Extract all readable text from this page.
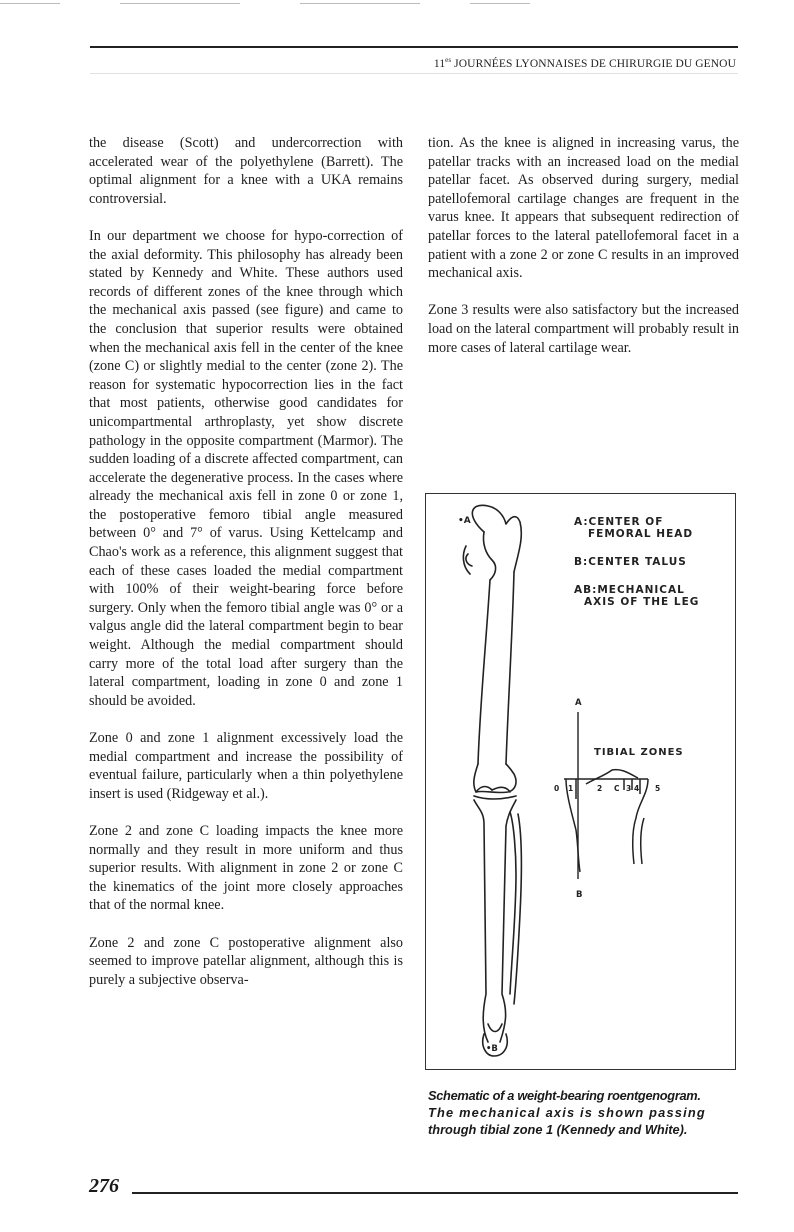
$11^{es}$ JOURNÉES LYONNAISES DE CHIRURGIE DU GENOU

the disease (Scott) and undercorrection with accelerated wear of the polyethylene (Barrett). The optimal alignment for a knee with a UKA remains controversial.

In our department we choose for hypo-correction of the axial deformity. This philosophy has already been stated by Kennedy and White. These authors used records of different zones of the knee through which the mechanical axis passed (see figure) and came to the conclusion that superior results were obtained when the mechanical axis fell in the center of the knee (zone C) or slightly medial to the center (zone 2). The reason for systematic hypocorrection lies in the fact that most patients, otherwise good candidates for unicompartmental arthroplasty, yet show discrete pathology in the opposite compartment (Marmor). The sudden loading of a discrete affected compartment, can accelerate the degenerative process. In the cases where already the mechanical axis fell in zone 0 or zone 1, the postoperative femoro tibial angle measured between 0° and 7° of varus. Using Kettelcamp and Chao's work as a reference, this alignment suggest that each of these cases loaded the medial compartment with 100% of their weight-bearing force before surgery. Only when the femoro tibial angle was 0° or a valgus angle did the lateral compartment begin to bear weight. Although the medial compartment should carry more of the total load after surgery than the lateral compartment, loading in zone 0 and zone 1 should be avoided.

Zone 0 and zone 1 alignment excessively load the medial compartment and increase the possibility of eventual failure, particularly when a thin polyethylene insert is used (Ridgeway et al.).

Zone 2 and zone C loading impacts the knee more normally and they result in more uniform and thus superior results. With alignment in zone 2 or zone C the kinematics of the joint more closely approaches that of the normal knee.

Zone 2 and zone C postoperative alignment also seemed to improve patellar alignment, although this is purely a subjective observa-

tion. As the knee is aligned in increasing varus, the patellar tracks with an increased load on the medial patellar facet. As observed during surgery, medial patellofemoral cartilage changes are frequent in the varus knee. It appears that subsequent redirection of patellar forces to the lateral patellofemoral facet in a patient with a zone 2 or zone C results in an improved mechanical axis.

Zone 3 results were also satisfactory but the increased load on the lateral compartment will probably result in more cases of lateral cartilage wear.

A:CENTER OF
FEMORAL HEAD
B:CENTER TALUS
AB:MECHANICAL
AXIS OF THE LEG
•A
A
TIBIAL ZONES
0 1	2 C 3 4 5
B
•B

Schematic of a weight-bearing roentgenogram.

The mechanical axis is shown passing

through tibial zone 1 (Kennedy and White).

276
